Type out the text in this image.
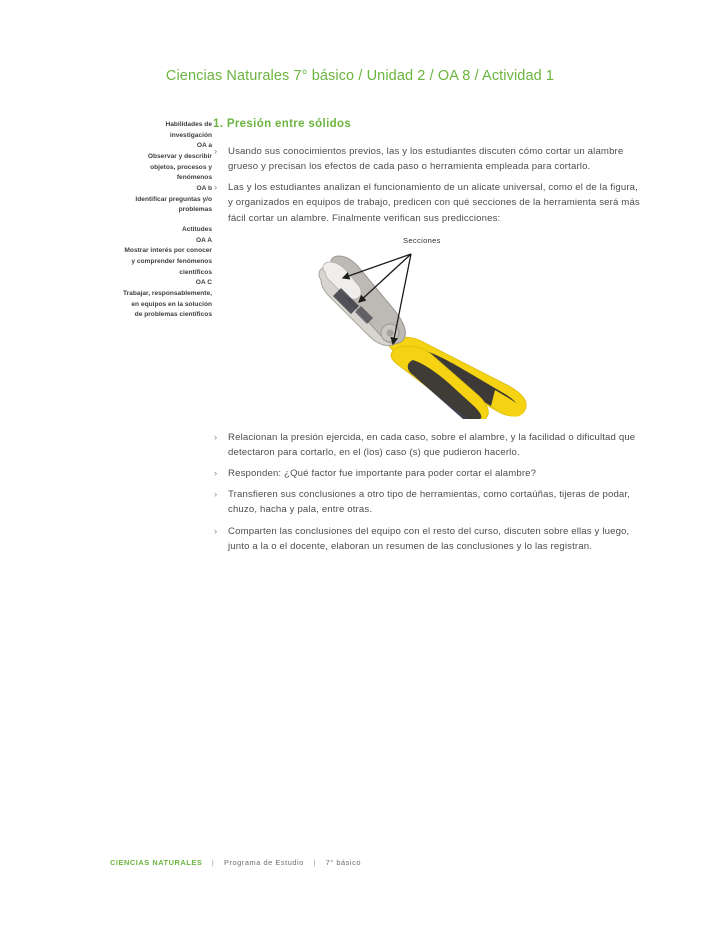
Ciencias Naturales 7° básico / Unidad 2 / OA 8 / Actividad 1
Habilidades de
investigación
OA a
Observar y describir
objetos, procesos y
fenómenos
OA b
Identificar preguntas y/o
problemas
Actitudes
OA A
Mostrar interés por conocer
y comprender fenómenos
científicos
OA C
Trabajar, responsablemente,
en equipos en la solución
de problemas científicos
1. Presión entre sólidos
› Usando sus conocimientos previos, las y los estudiantes discuten cómo cortar un alambre grueso y precisan los efectos de cada paso o herramienta empleada para cortarlo.
› Las y los estudiantes analizan el funcionamiento de un alicate universal, como el de la figura, y organizados en equipos de trabajo, predicen con qué secciones de la herramienta será más fácil cortar un alambre. Finalmente verifican sus predicciones:
Secciones
› Relacionan la presión ejercida, en cada caso, sobre el alambre, y la facilidad o dificultad que detectaron para cortarlo, en el (los) caso (s) que pudieron hacerlo.
› Responden: ¿Qué factor fue importante para poder cortar el alambre?
› Transfieren sus conclusiones a otro tipo de herramientas, como cortaúñas, tijeras de podar, chuzo, hacha y pala, entre otras.
› Comparten las conclusiones del equipo con el resto del curso, discuten sobre ellas y luego, junto a la o el docente, elaboran un resumen de las conclusiones y lo las registran.
CIENCIAS NATURALES | Programa de Estudio | 7° básico
